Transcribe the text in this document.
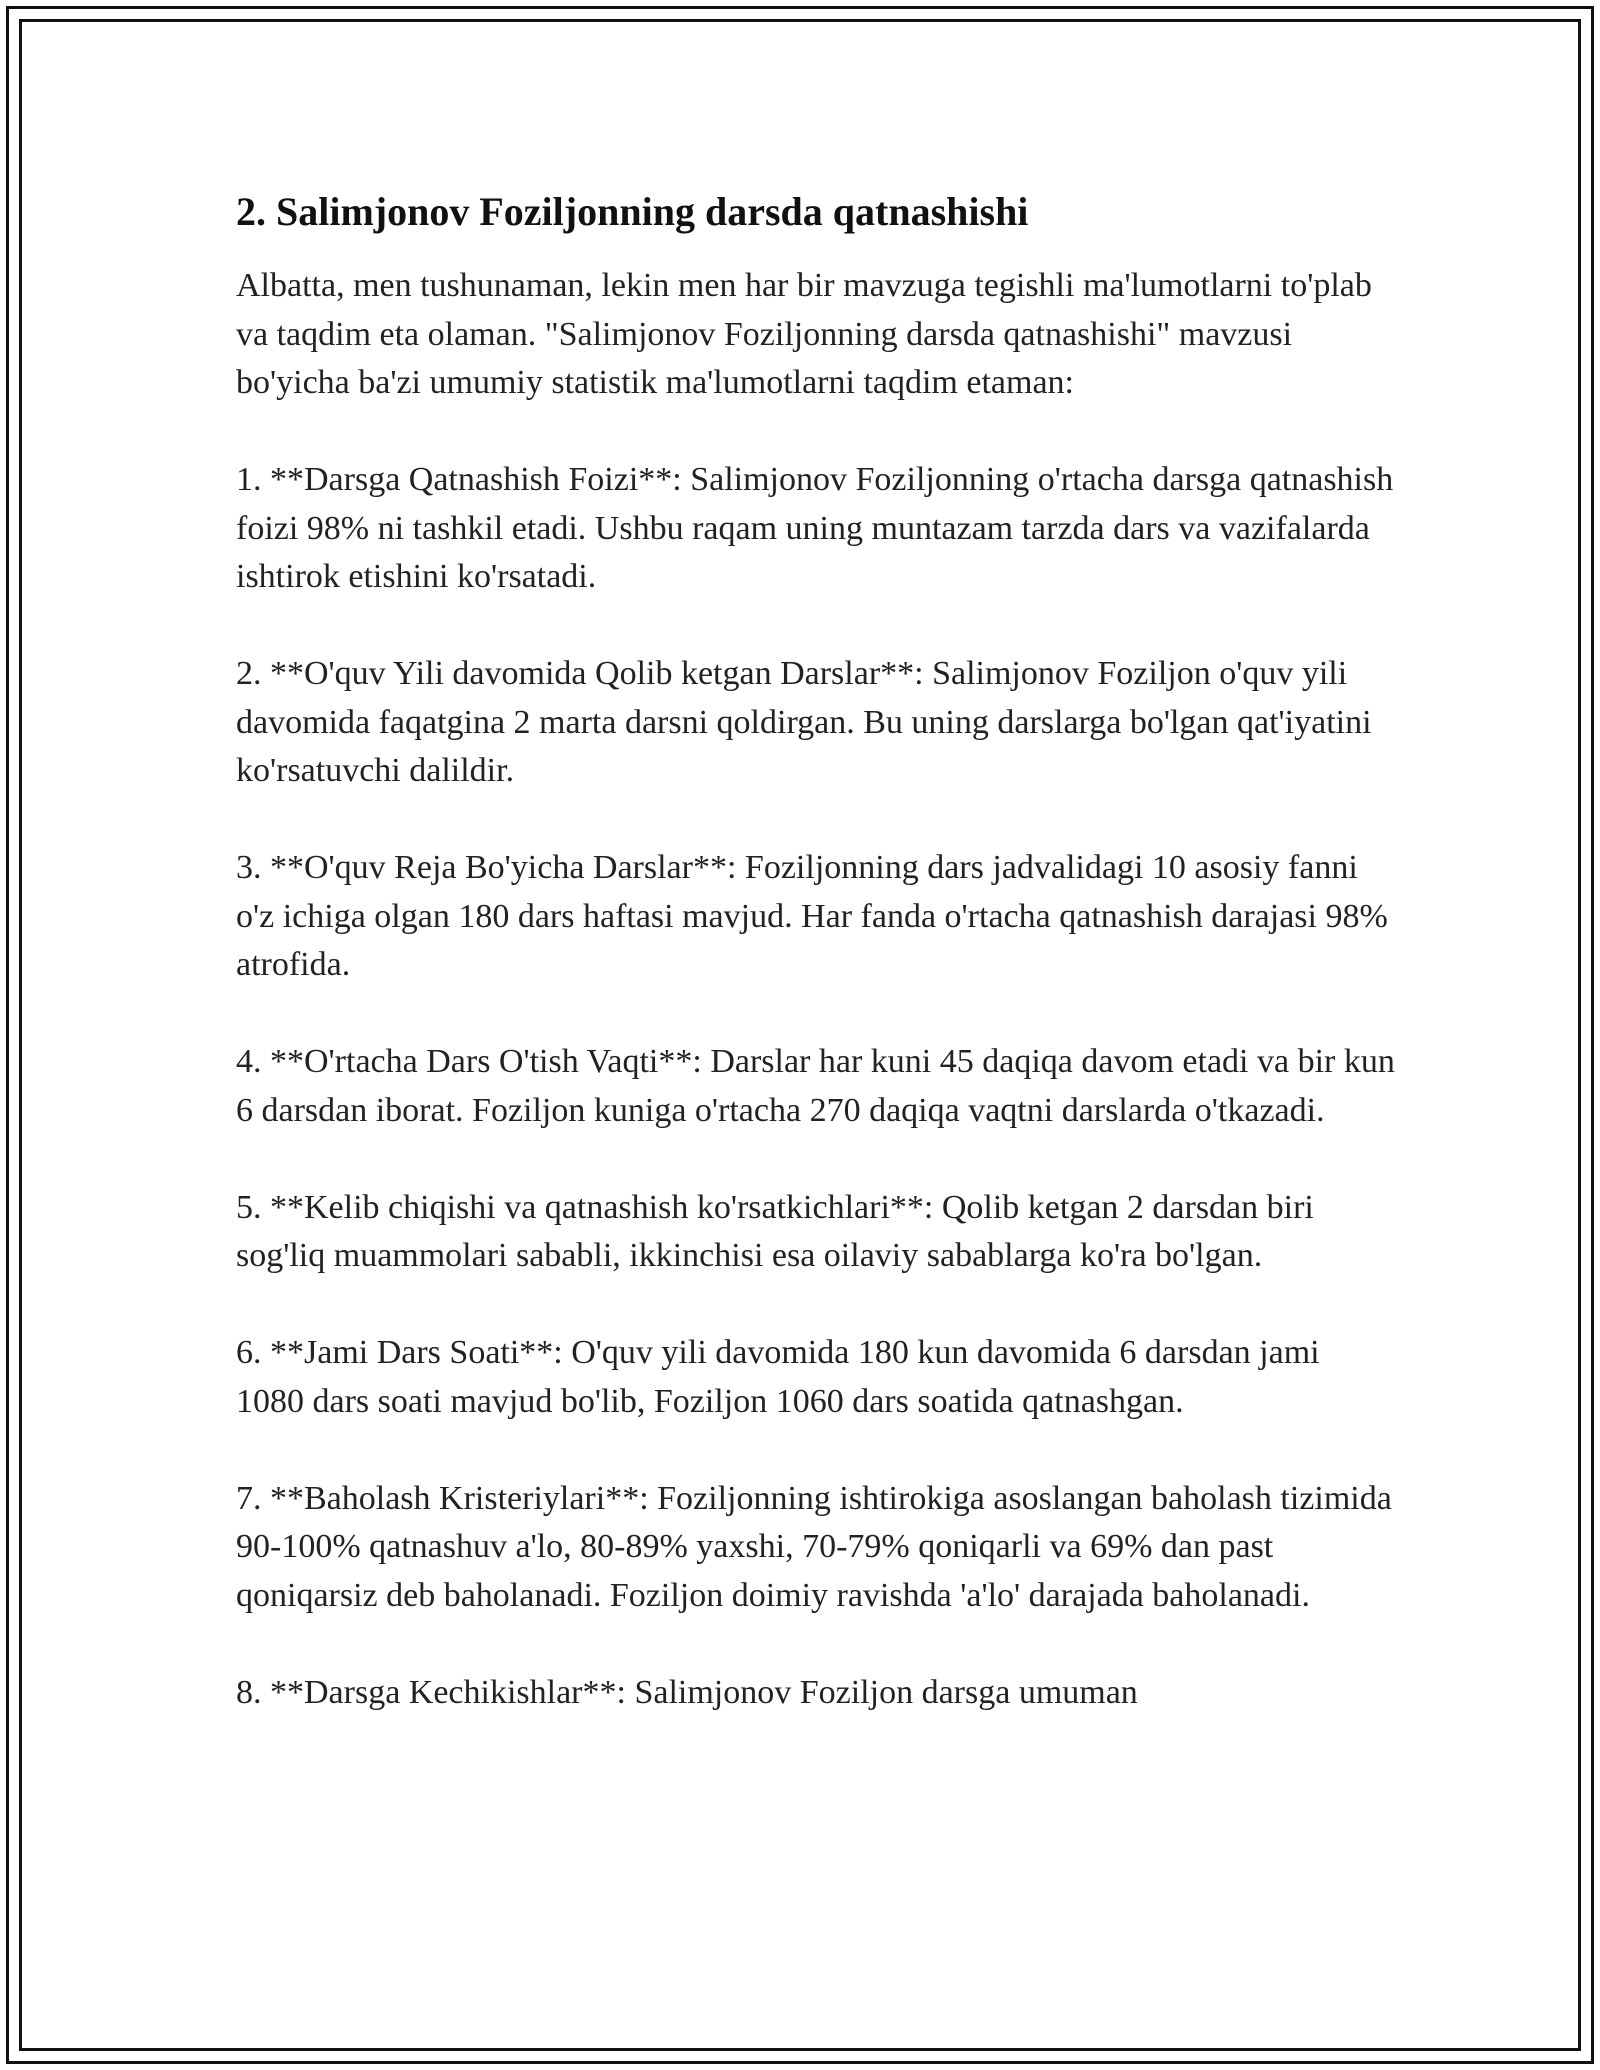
2. Salimjonov Foziljonning darsda qatnashishi

Albatta, men tushunaman, lekin men har bir mavzuga tegishli ma'lumotlarni to'plab va taqdim eta olaman. "Salimjonov Foziljonning darsda qatnashishi" mavzusi bo'yicha ba'zi umumiy statistik ma'lumotlarni taqdim etaman:

1. **Darsga Qatnashish Foizi**: Salimjonov Foziljonning o'rtacha darsga qatnashish foizi 98% ni tashkil etadi. Ushbu raqam uning muntazam tarzda dars va vazifalarda ishtirok etishini ko'rsatadi.

2. **O'quv Yili davomida Qolib ketgan Darslar**: Salimjonov Foziljon o'quv yili davomida faqatgina 2 marta darsni qoldirgan. Bu uning darslarga bo'lgan qat'iyatini ko'rsatuvchi dalildir.

3. **O'quv Reja Bo'yicha Darslar**: Foziljonning dars jadvalidagi 10 asosiy fanni o'z ichiga olgan 180 dars haftasi mavjud. Har fanda o'rtacha qatnashish darajasi 98% atrofida.

4. **O'rtacha Dars O'tish Vaqti**: Darslar har kuni 45 daqiqa davom etadi va bir kun 6 darsdan iborat. Foziljon kuniga o'rtacha 270 daqiqa vaqtni darslarda o'tkazadi.

5. **Kelib chiqishi va qatnashish ko'rsatkichlari**: Qolib ketgan 2 darsdan biri sog'liq muammolari sababli, ikkinchisi esa oilaviy sabablarga ko'ra bo'lgan.

6. **Jami Dars Soati**: O'quv yili davomida 180 kun davomida 6 darsdan jami 1080 dars soati mavjud bo'lib, Foziljon 1060 dars soatida qatnashgan.

7. **Baholash Kristeriylari**: Foziljonning ishtirokiga asoslangan baholash tizimida 90-100% qatnashuv a'lo, 80-89% yaxshi, 70-79% qoniqarli va 69% dan past qoniqarsiz deb baholanadi. Foziljon doimiy ravishda 'a'lo' darajada baholanadi.

8. **Darsga Kechikishlar**: Salimjonov Foziljon darsga umuman
